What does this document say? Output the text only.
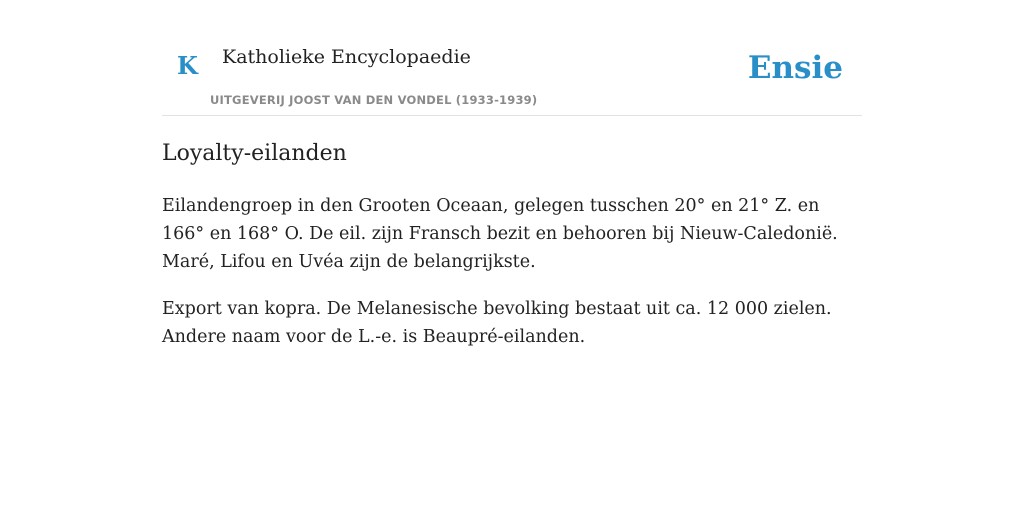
K Katholieke Encyclopaedie
UITGEVERIJ JOOST VAN DEN VONDEL (1933-1939)
Ensie
Loyalty-eilanden

Eilandengroep in den Grooten Oceaan, gelegen tusschen 20° en 21° Z. en 166° en 168° O. De eil. zijn Fransch bezit en behooren bij Nieuw-Caledonië. Maré, Lifou en Uvéa zijn de belangrijkste.

Export van kopra. De Melanesische bevolking bestaat uit ca. 12 000 zielen. Andere naam voor de L.-e. is Beaupré-eilanden.
